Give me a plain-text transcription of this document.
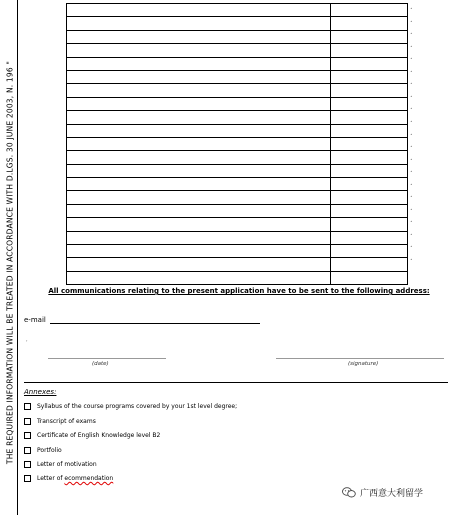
THE REQUIRED INFORMATION WILL BE TREATED IN ACCORDANCE WITH D.LGS. 30 JUNE 2003, N. 196 "

˔
˔
˔
˔
˔
˔
˔
˔
˔
˔
˔
˔
˔
˔
˔
˔
˔
˔
˔
˔
˔
All communications relating to the present application have to be sent to the following address:
e-mail
,
(date)	(signature)
Annexes:
Syllabus of the course programs covered by your 1st level degree;
Transcript of exams
Certificate of English Knowledge level B2
Portfolio
Letter of motivation
Letter of
ecommendation
广西意大利留学
